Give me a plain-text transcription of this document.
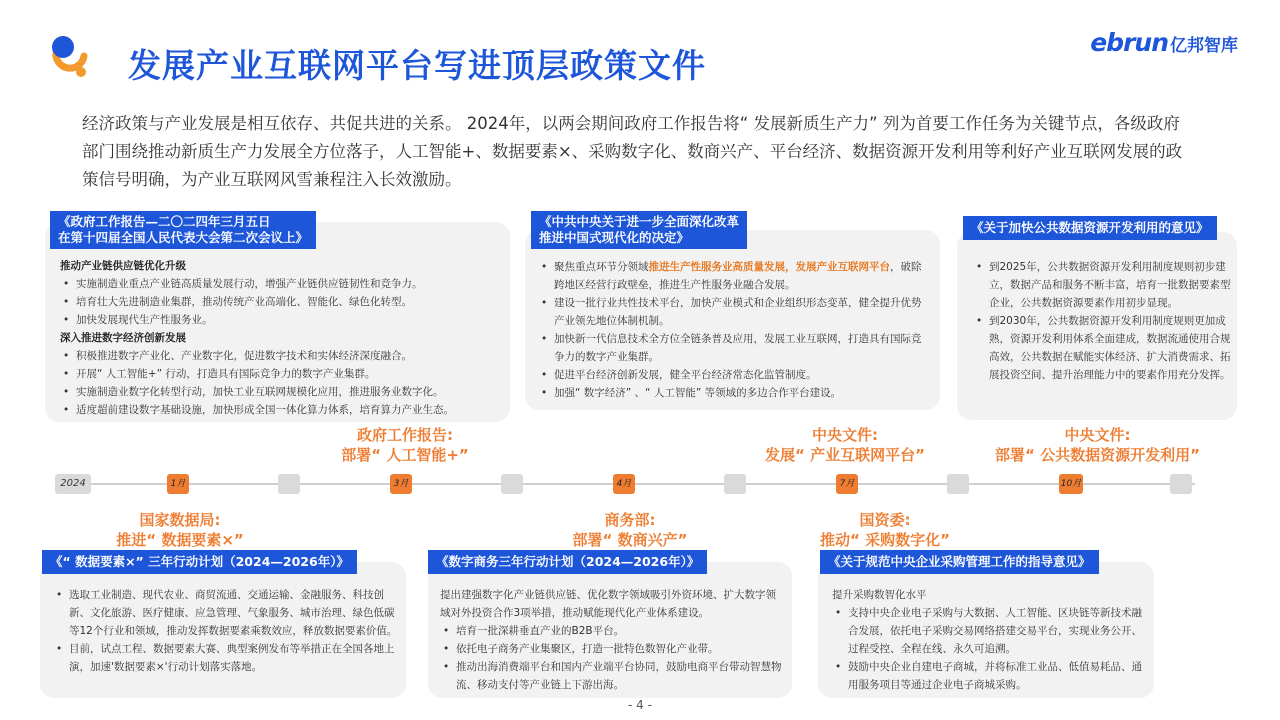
发展产业互联网平台写进顶层政策文件
ebrun 亿邦智库
经济政策与产业发展是相互依存、共促共进的关系。 2024年，以两会期间政府工作报告将“ 发展新质生产力” 列为首要工作任务为关键节点，各级政府部门围绕推动新质生产力发展全方位落子，人工智能+、数据要素×、采购数字化、数商兴产、平台经济、数据资源开发利用等利好产业互联网发展的政策信号明确，为产业互联网风雪兼程注入长效激励。
《政府工作报告—二〇二四年三月五日
在第十四届全国人民代表大会第二次会议上》
推动产业链供应链优化升级
• 实施制造业重点产业链高质量发展行动，增强产业链供应链韧性和竞争力。
• 培育壮大先进制造业集群，推动传统产业高端化、智能化、绿色化转型。
• 加快发展现代生产性服务业。
深入推进数字经济创新发展
• 积极推进数字产业化、产业数字化，促进数字技术和实体经济深度融合。
• 开展“ 人工智能+” 行动，打造具有国际竞争力的数字产业集群。
• 实施制造业数字化转型行动，加快工业互联网规模化应用，推进服务业数字化。
• 适度超前建设数字基础设施，加快形成全国一体化算力体系，培育算力产业生态。
《中共中央关于进一步全面深化改革
推进中国式现代化的决定》
• 聚焦重点环节分领域推进生产性服务业高质量发展，发展产业互联网平台，破除跨地区经营行政壁垒，推进生产性服务业融合发展。
• 建设一批行业共性技术平台，加快产业模式和企业组织形态变革，健全提升优势产业领先地位体制机制。
• 加快新一代信息技术全方位全链条普及应用，发展工业互联网，打造具有国际竞争力的数字产业集群。
• 促进平台经济创新发展，健全平台经济常态化监管制度。
• 加强“ 数字经济” 、“ 人工智能” 等领域的多边合作平台建设。
《关于加快公共数据资源开发利用的意见》
• 到2025年，公共数据资源开发利用制度规则初步建立，数据产品和服务不断丰富，培育一批数据要素型企业，公共数据资源要素作用初步显现。
• 到2030年，公共数据资源开发利用制度规则更加成熟，资源开发利用体系全面建成，数据流通使用合规高效，公共数据在赋能实体经济、扩大消费需求、拓展投资空间、提升治理能力中的要素作用充分发挥。
政府工作报告:
部署“ 人工智能+”
中央文件:
发展“ 产业互联网平台”
中央文件:
部署“ 公共数据资源开发利用”
2024	1月	3月	4月	7月	10月
国家数据局:
推进“ 数据要素×”
商务部:
部署“ 数商兴产”
国资委:
推动“ 采购数字化”
《“ 数据要素×” 三年行动计划（2024—2026年）》
• 选取工业制造、现代农业、商贸流通、交通运输、金融服务、科技创新、文化旅游、医疗健康、应急管理、气象服务、城市治理、绿色低碳等12个行业和领域，推动发挥数据要素乘数效应，释放数据要素价值。
• 目前，试点工程、数据要素大赛、典型案例发布等举措正在全国各地上演，加速'数据要素×'行动计划落实落地。
《数字商务三年行动计划（2024—2026年）》
提出建强数字化产业链供应链、优化数字领域吸引外资环境、扩大数字领域对外投资合作3项举措，推动赋能现代化产业体系建设。
• 培育一批深耕垂直产业的B2B平台。
• 依托电子商务产业集聚区，打造一批特色数智化产业带。
• 推动出海消费端平台和国内产业端平台协同，鼓励电商平台带动智慧物流、移动支付等产业链上下游出海。
《关于规范中央企业采购管理工作的指导意见》
提升采购数智化水平
• 支持中央企业电子采购与大数据、人工智能、区块链等新技术融合发展，依托电子采购交易网络搭建交易平台，实现业务公开、过程受控、全程在线、永久可追溯。
• 鼓励中央企业自建电子商城，并将标准工业品、低值易耗品、通用服务项目等通过企业电子商城采购。
- 4 -
